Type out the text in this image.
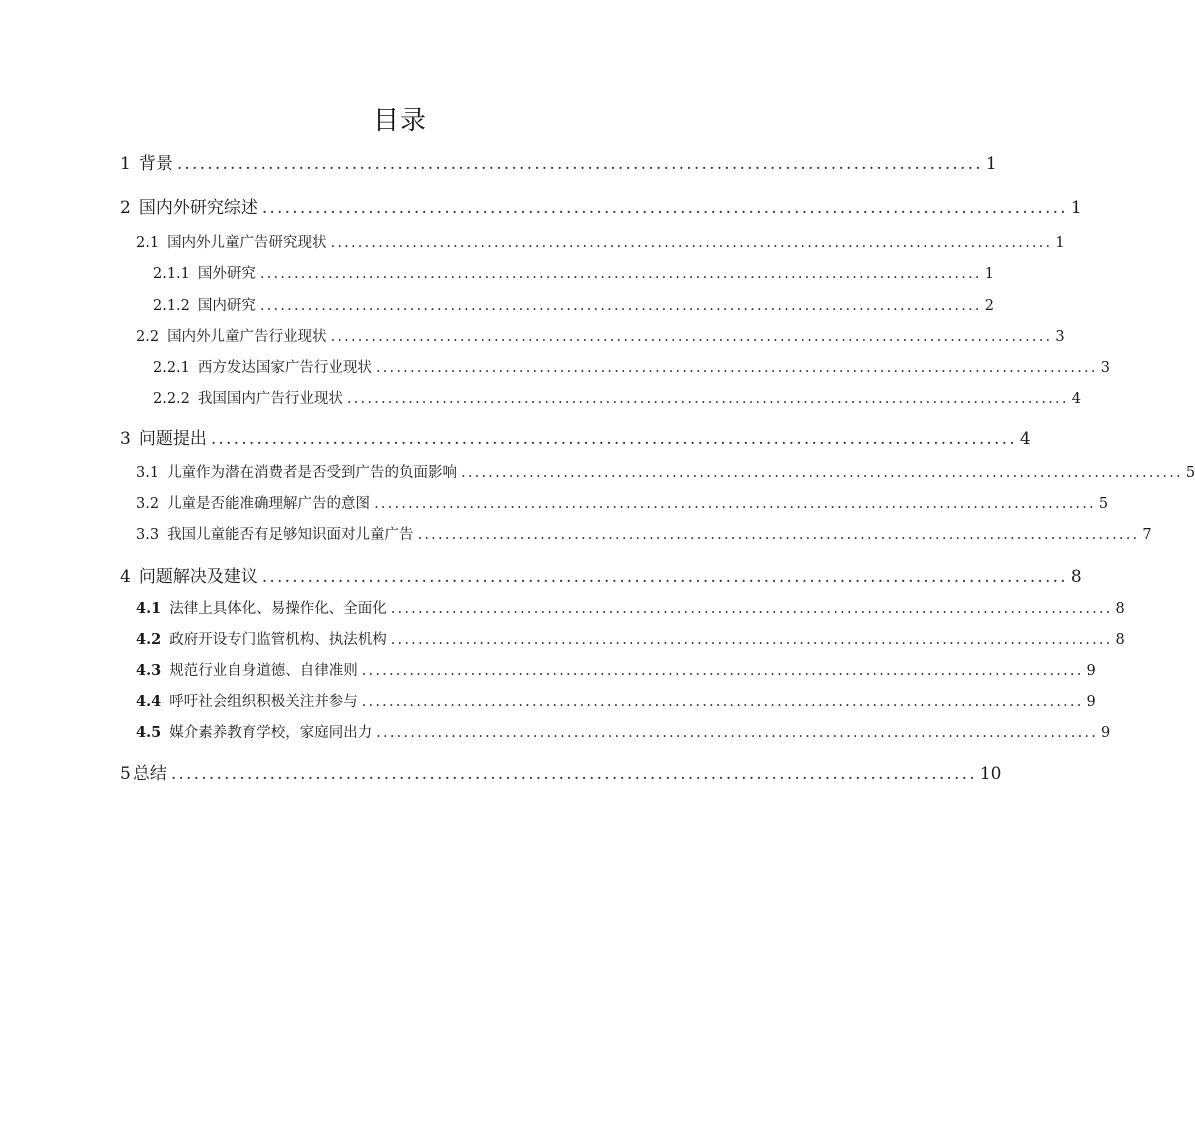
目录
1 背景 .......................................................................................................... 1
2 国内外研究综述 .......................................................................................................... 1
2.1 国内外儿童广告研究现状 .......................................................................................................... 1
2.1.1 国外研究 .......................................................................................................... 1
2.1.2 国内研究 .......................................................................................................... 2
2.2 国内外儿童广告行业现状 .......................................................................................................... 3
2.2.1 西方发达国家广告行业现状 .......................................................................................................... 3
2.2.2 我国国内广告行业现状 .......................................................................................................... 4
3 问题提出 .......................................................................................................... 4
3.1 儿童作为潜在消费者是否受到广告的负面影响 .......................................................................................................... 5
3.2 儿童是否能准确理解广告的意图 .......................................................................................................... 5
3.3 我国儿童能否有足够知识面对儿童广告 .......................................................................................................... 7
4 问题解决及建议 .......................................................................................................... 8
4.1 法律上具体化、易操作化、全面化 .......................................................................................................... 8
4.2 政府开设专门监管机构、执法机构 .......................................................................................................... 8
4.3 规范行业自身道德、自律准则 .......................................................................................................... 9
4.4 呼吁社会组织积极关注并参与 .......................................................................................................... 9
4.5 媒介素养教育学校，家庭同出力 .......................................................................................................... 9
5 总结 .......................................................................................................... 10
